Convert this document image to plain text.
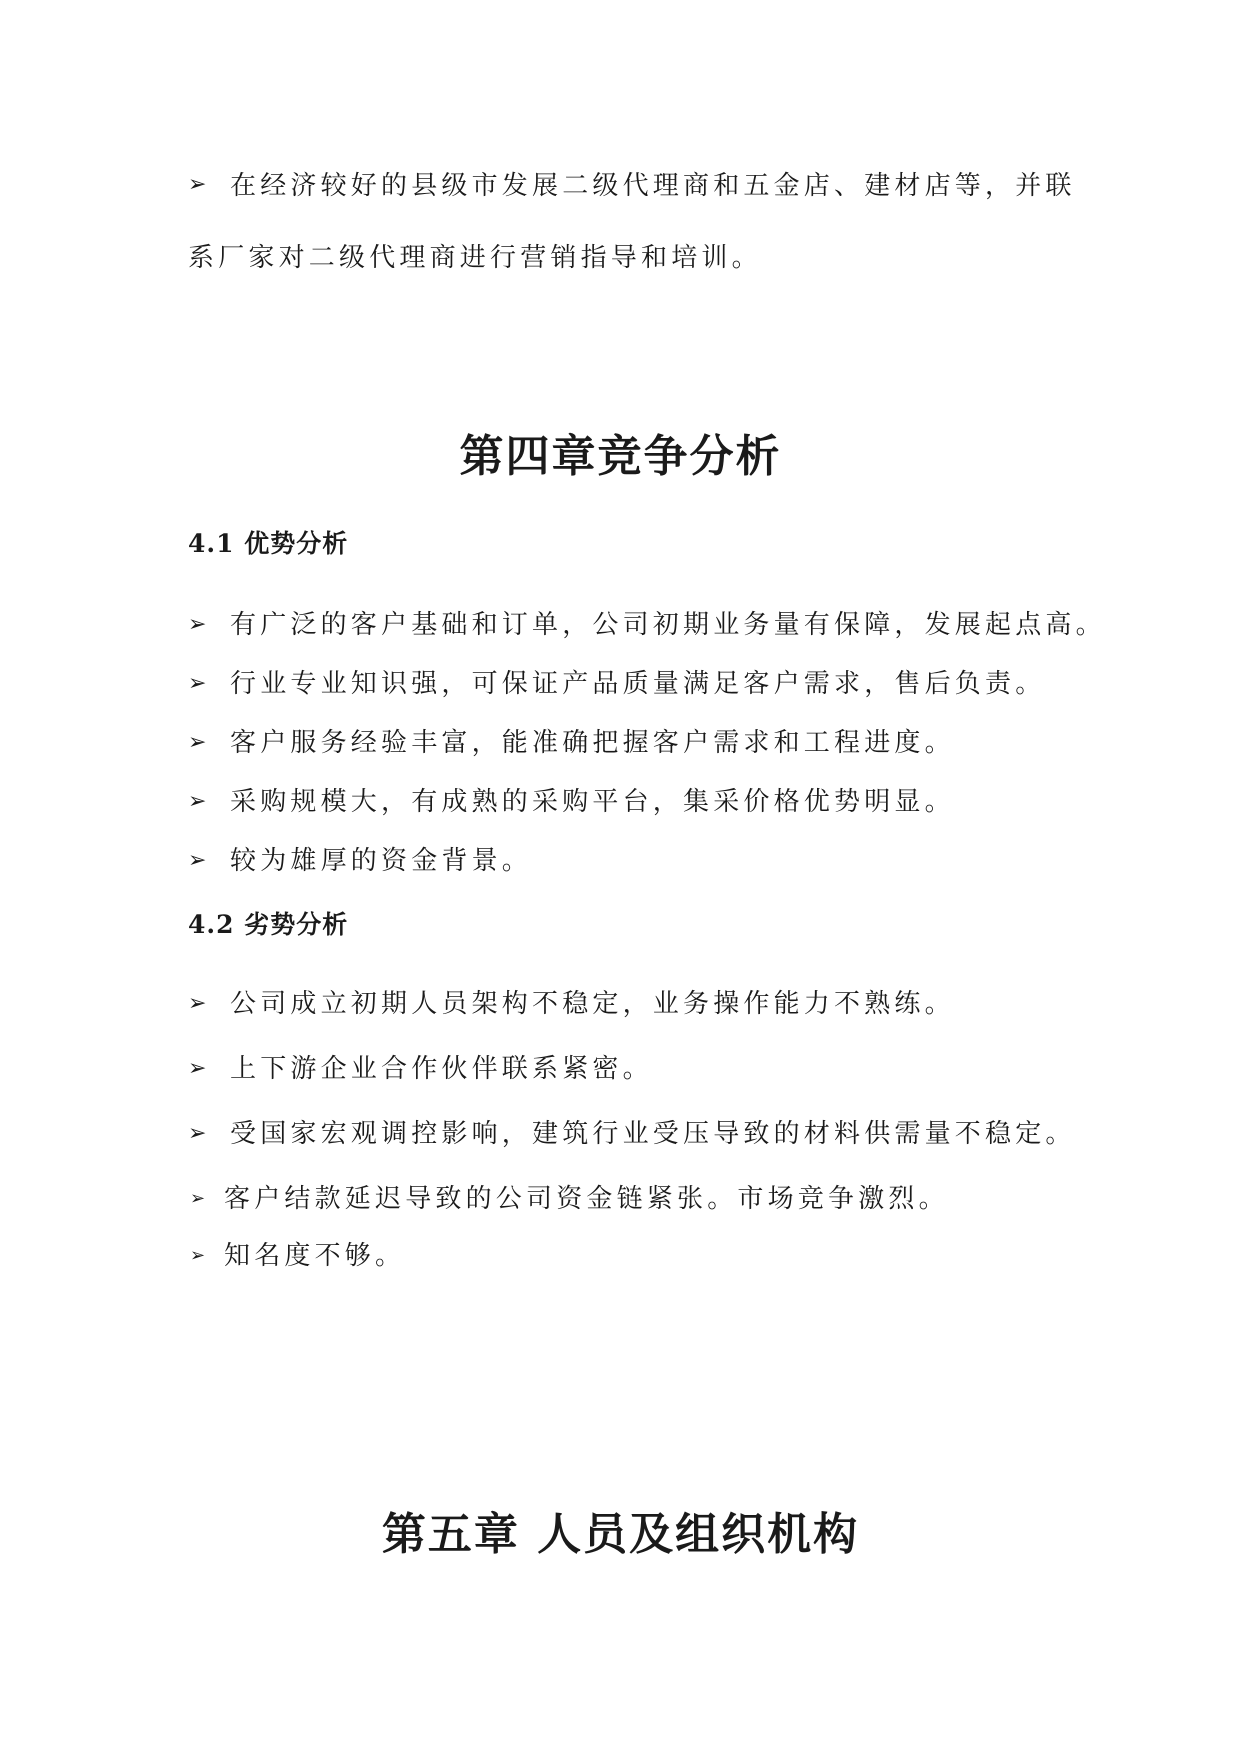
➢ 在经济较好的县级市发展二级代理商和五金店、建材店等，并联
系厂家对二级代理商进行营销指导和培训。
第四章竞争分析
4.1 优势分析
➢ 有广泛的客户基础和订单，公司初期业务量有保障，发展起点高。
➢ 行业专业知识强，可保证产品质量满足客户需求，售后负责。
➢ 客户服务经验丰富，能准确把握客户需求和工程进度。
➢ 采购规模大，有成熟的采购平台，集采价格优势明显。
➢ 较为雄厚的资金背景。
4.2 劣势分析
➢ 公司成立初期人员架构不稳定，业务操作能力不熟练。
➢ 上下游企业合作伙伴联系紧密。
➢ 受国家宏观调控影响，建筑行业受压导致的材料供需量不稳定。
➢ 客户结款延迟导致的公司资金链紧张。市场竞争激烈。
➢ 知名度不够。
第五章 人员及组织机构
